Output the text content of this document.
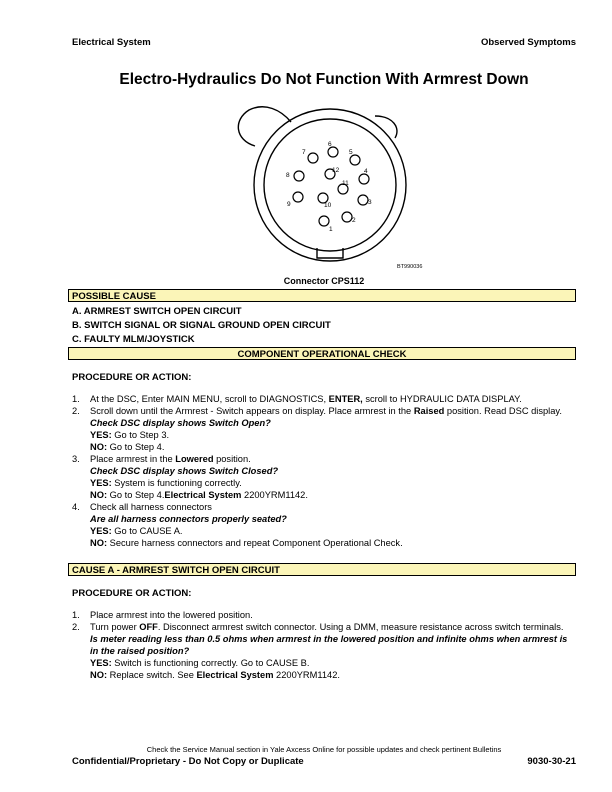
Electrical System	Observed Symptoms
Electro-Hydraulics Do Not Function With Armrest Down
1
2
3
4
5
6
7
8
9	10
11
12
BT990036
Connector CPS112
POSSIBLE CAUSE
A. ARMREST SWITCH OPEN CIRCUIT
B. SWITCH SIGNAL OR SIGNAL GROUND OPEN CIRCUIT
C. FAULTY MLM/JOYSTICK
COMPONENT OPERATIONAL CHECK
PROCEDURE OR ACTION:
1. At the DSC, Enter MAIN MENU, scroll to DIAGNOSTICS, ENTER, scroll to HYDRAULIC DATA DISPLAY.
2. Scroll down until the Armrest - Switch appears on display. Place armrest in the Raised position. Read DSC display.
Check DSC display shows Switch Open?
YES: Go to Step 3.
NO: Go to Step 4.
3. Place armrest in the Lowered position.
Check DSC display shows Switch Closed?
YES: System is functioning correctly.
NO: Go to Step 4.Electrical System 2200YRM1142.
4. Check all harness connectors
Are all harness connectors properly seated?
YES: Go to CAUSE A.
NO: Secure harness connectors and repeat Component Operational Check.
CAUSE A - ARMREST SWITCH OPEN CIRCUIT
PROCEDURE OR ACTION:
1. Place armrest into the lowered position.
2. Turn power OFF. Disconnect armrest switch connector. Using a DMM, measure resistance across switch terminals.
Is meter reading less than 0.5 ohms when armrest in the lowered position and infinite ohms when armrest is in the raised position?
YES: Switch is functioning correctly. Go to CAUSE B.
NO: Replace switch. See Electrical System 2200YRM1142.
Check the Service Manual section in Yale Axcess Online for possible updates and check pertinent Bulletins
Confidential/Proprietary - Do Not Copy or Duplicate	9030-30-21
